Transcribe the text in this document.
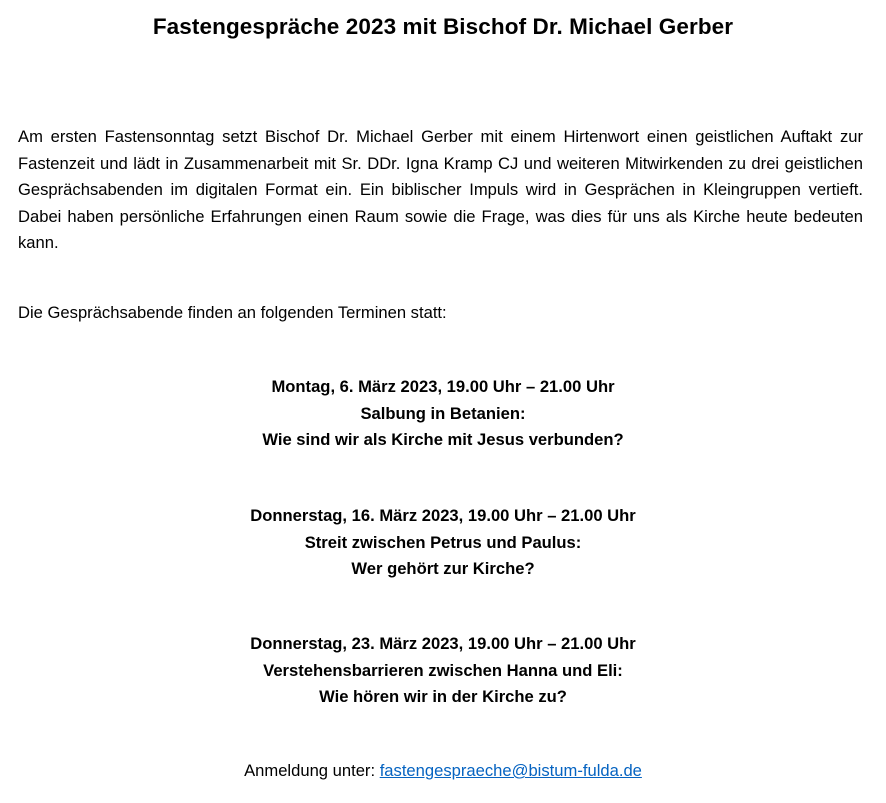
Fastengespräche 2023 mit Bischof Dr. Michael Gerber
Am ersten Fastensonntag setzt Bischof Dr. Michael Gerber mit einem Hirtenwort einen geistlichen Auftakt zur Fastenzeit und lädt in Zusammenarbeit mit Sr. DDr. Igna Kramp CJ und weiteren Mitwirkenden zu drei geistlichen Gesprächsabenden im digitalen Format ein. Ein biblischer Impuls wird in Gesprächen in Kleingruppen vertieft. Dabei haben persönliche Erfahrungen einen Raum sowie die Frage, was dies für uns als Kirche heute bedeuten kann.
Die Gesprächsabende finden an folgenden Terminen statt:
Montag, 6. März 2023, 19.00 Uhr – 21.00 Uhr
Salbung in Betanien:
Wie sind wir als Kirche mit Jesus verbunden?
Donnerstag, 16. März 2023, 19.00 Uhr – 21.00 Uhr
Streit zwischen Petrus und Paulus:
Wer gehört zur Kirche?
Donnerstag, 23. März 2023, 19.00 Uhr – 21.00 Uhr
Verstehensbarrieren zwischen Hanna und Eli:
Wie hören wir in der Kirche zu?
Anmeldung unter: fastengespraeche@bistum-fulda.de
